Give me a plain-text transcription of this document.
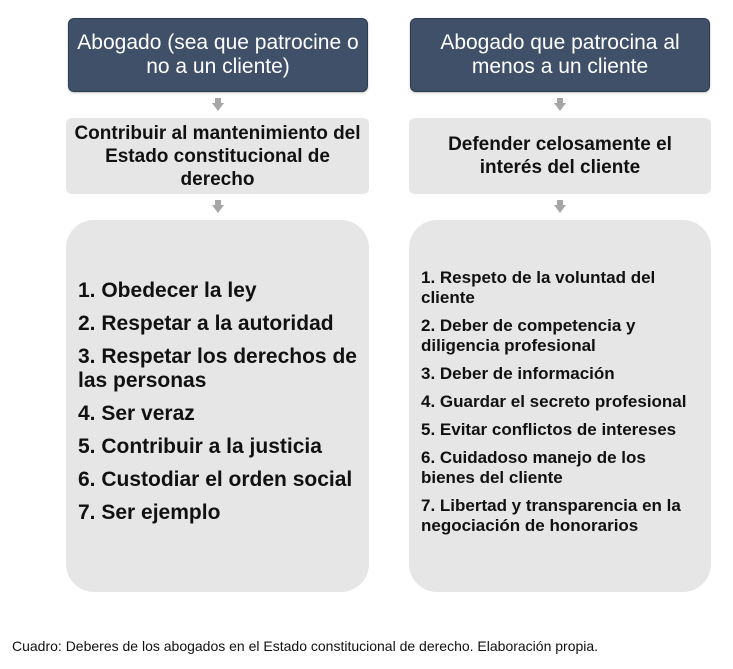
Abogado (sea que patrocine o no a un cliente)
Contribuir al mantenimiento del Estado constitucional de derecho
1. Obedecer la ley
2. Respetar a la autoridad
3. Respetar los derechos de las personas
4. Ser veraz
5. Contribuir a la justicia
6. Custodiar el orden social
7. Ser ejemplo
Abogado que patrocina al menos a un cliente
Defender celosamente el interés del cliente
1. Respeto de la voluntad del cliente
2. Deber de competencia y diligencia profesional
3. Deber de información
4. Guardar el secreto profesional
5. Evitar conflictos de intereses
6. Cuidadoso manejo de los bienes del cliente
7. Libertad y transparencia en la negociación de honorarios
Cuadro: Deberes de los abogados en el Estado constitucional de derecho. Elaboración propia.
